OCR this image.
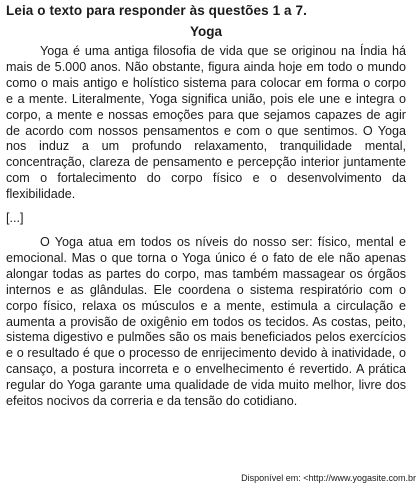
Leia o texto para responder às questões 1 a 7.

Yoga

Yoga é uma antiga filosofia de vida que se originou na Índia há mais de 5.000 anos. Não obstante, figura ainda hoje em todo o mundo como o mais antigo e holístico sistema para colocar em forma o corpo e a mente. Literalmente, Yoga significa união, pois ele une e integra o corpo, a mente e nossas emoções para que sejamos capazes de agir de acordo com nossos pensamentos e com o que sentimos. O Yoga nos induz a um profundo relaxamento, tranquilidade mental, concentração, clareza de pensamento e percepção interior juntamente com o fortalecimento do corpo físico e o desenvolvimento da flexibilidade.

[...]

O Yoga atua em todos os níveis do nosso ser: físico, mental e emocional. Mas o que torna o Yoga único é o fato de ele não apenas alongar todas as partes do corpo, mas também massagear os órgãos internos e as glândulas. Ele coordena o sistema respiratório com o corpo físico, relaxa os músculos e a mente, estimula a circulação e aumenta a provisão de oxigênio em todos os tecidos. As costas, peito, sistema digestivo e pulmões são os mais beneficiados pelos exercícios e o resultado é que o processo de enrijecimento devido à inatividade, o cansaço, a postura incorreta e o envelhecimento é revertido. A prática regular do Yoga garante uma qualidade de vida muito melhor, livre dos efeitos nocivos da correria e da tensão do cotidiano.

Disponível em: <http://www.yogasite.com.br
